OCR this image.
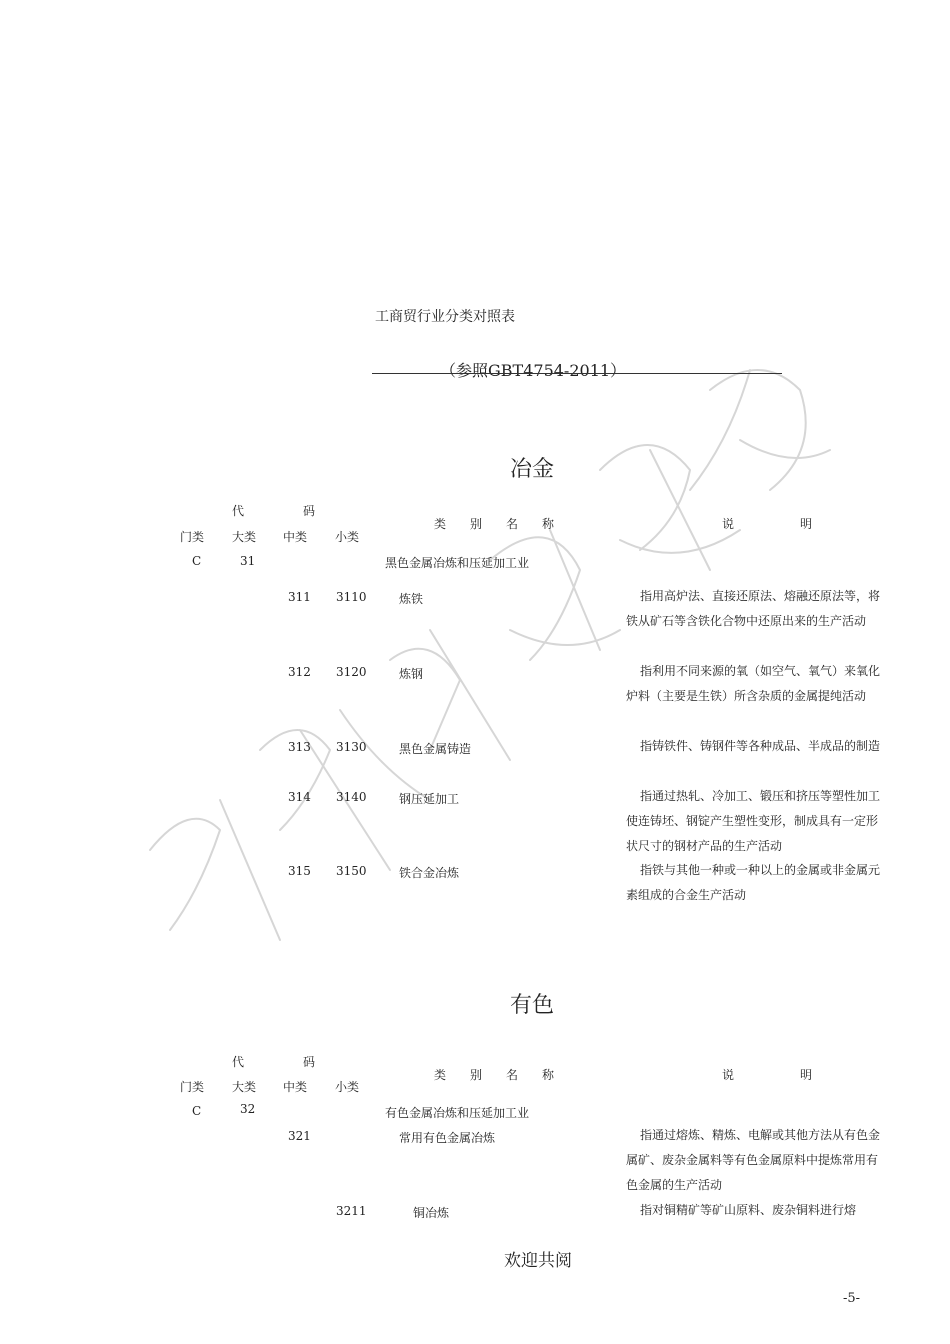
工商贸行业分类对照表
（参照GBT4754-2011）
冶金
代	码
门类 大类 中类 小类
类　　别　　名　　称	说	明
C	31	黑色金属冶炼和压延加工业
311 3110	炼铁	指用高炉法、直接还原法、熔融还原法等，将铁从矿石等含铁化合物中还原出来的生产活动
312 3120	炼钢	指利用不同来源的氧（如空气、氧气）来氧化炉料（主要是生铁）所含杂质的金属提纯活动
313 3130	黑色金属铸造	指铸铁件、铸钢件等各种成品、半成品的制造
314 3140	钢压延加工	指通过热轧、冷加工、锻压和挤压等塑性加工使连铸坯、钢锭产生塑性变形，制成具有一定形状尺寸的钢材产品的生产活动
315 3150	铁合金冶炼	指铁与其他一种或一种以上的金属或非金属元素组成的合金生产活动
有色
代	码
门类 大类 中类 小类
类　　别　　名　　称	说	明
C	32	有色金属冶炼和压延加工业
321	常用有色金属冶炼	指通过熔炼、精炼、电解或其他方法从有色金属矿、废杂金属料等有色金属原料中提炼常用有色金属的生产活动
3211	铜冶炼	指对铜精矿等矿山原料、废杂铜料进行熔
欢迎共阅
-5-
